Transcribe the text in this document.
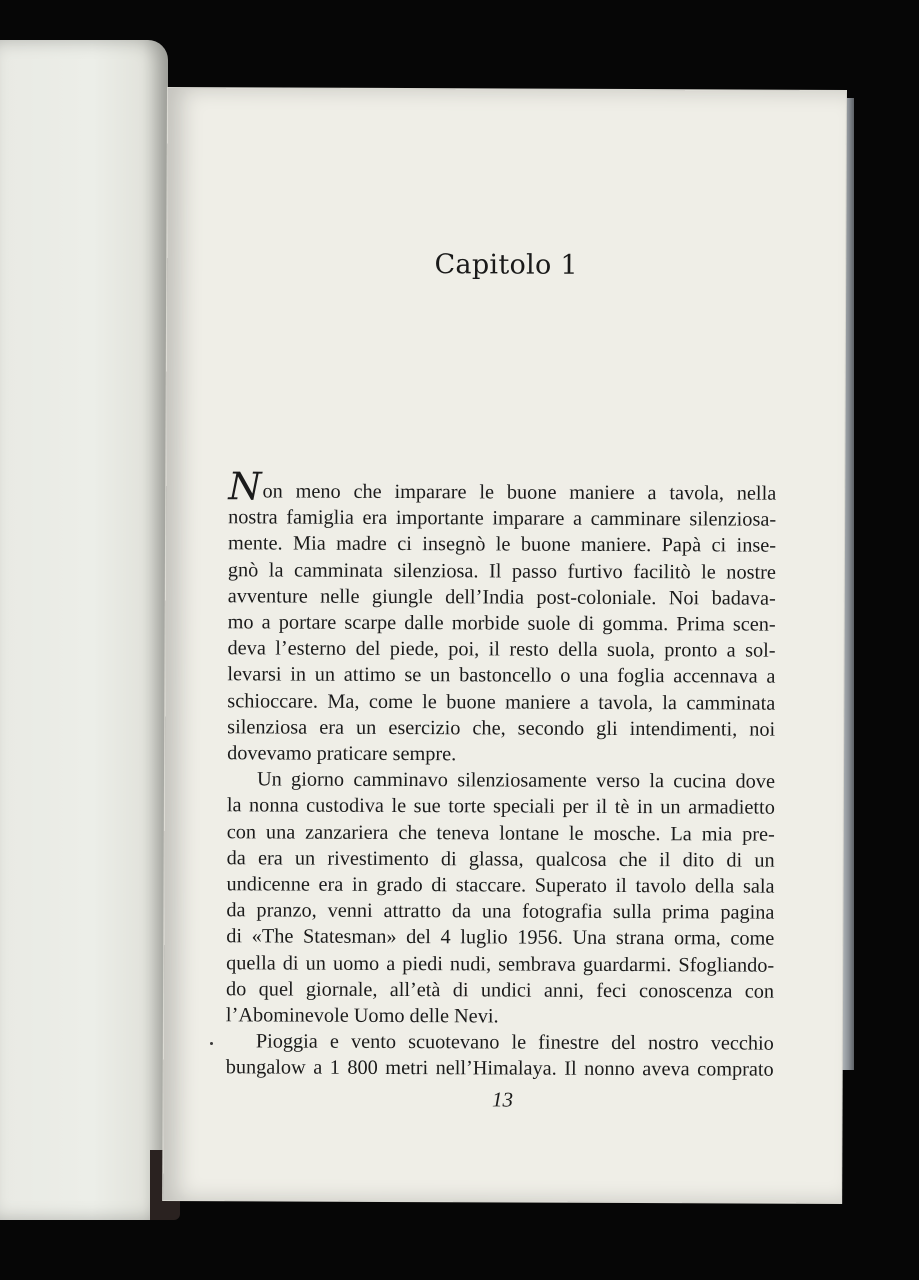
Capitolo 1
Non meno che imparare le buone maniere a tavola, nella
nostra famiglia era importante imparare a camminare silenziosa-
mente. Mia madre ci insegnò le buone maniere. Papà ci inse-
gnò la camminata silenziosa. Il passo furtivo facilitò le nostre
avventure nelle giungle dell’India post-coloniale. Noi badava-
mo a portare scarpe dalle morbide suole di gomma. Prima scen-
deva l’esterno del piede, poi, il resto della suola, pronto a sol-
levarsi in un attimo se un bastoncello o una foglia accennava a
schioccare. Ma, come le buone maniere a tavola, la camminata
silenziosa era un esercizio che, secondo gli intendimenti, noi
dovevamo praticare sempre.
Un giorno camminavo silenziosamente verso la cucina dove
la nonna custodiva le sue torte speciali per il tè in un armadietto
con una zanzariera che teneva lontane le mosche. La mia pre-
da era un rivestimento di glassa, qualcosa che il dito di un
undicenne era in grado di staccare. Superato il tavolo della sala
da pranzo, venni attratto da una fotografia sulla prima pagina
di «The Statesman» del 4 luglio 1956. Una strana orma, come
quella di un uomo a piedi nudi, sembrava guardarmi. Sfogliando-
do quel giornale, all’età di undici anni, feci conoscenza con
l’Abominevole Uomo delle Nevi.
Pioggia e vento scuotevano le finestre del nostro vecchio
bungalow a 1 800 metri nell’Himalaya. Il nonno aveva comprato
13
